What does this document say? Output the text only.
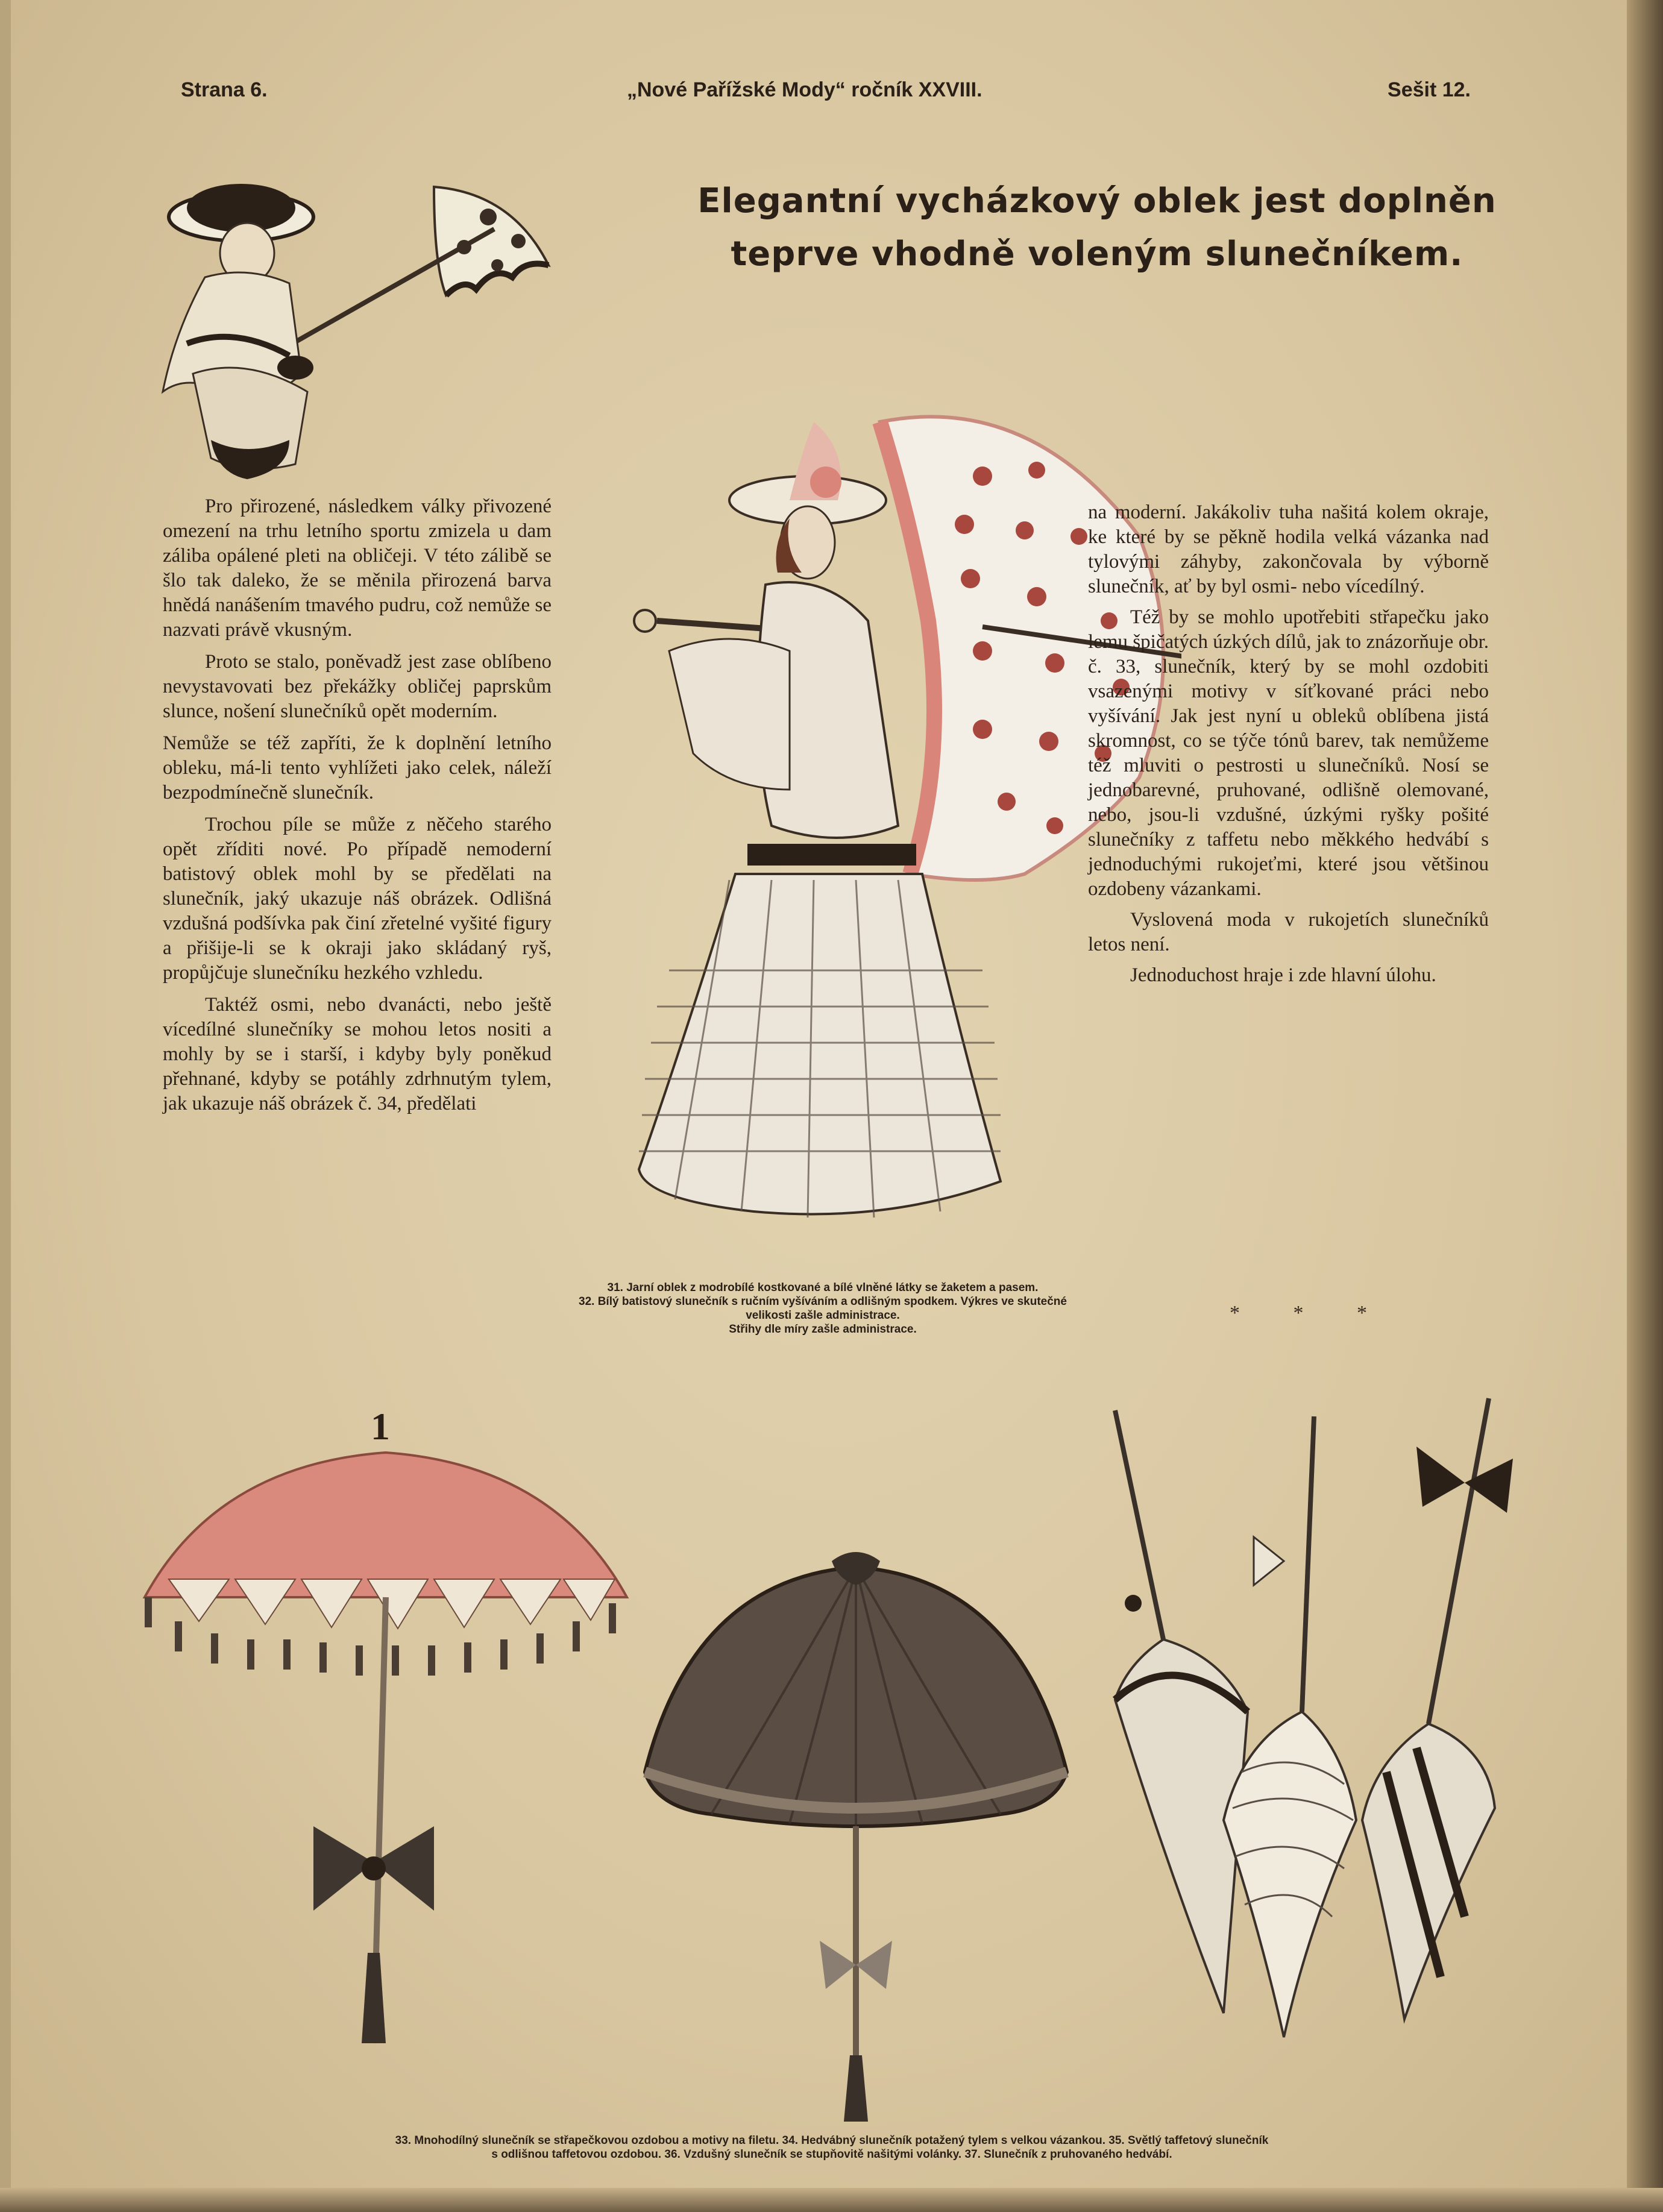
Strana 6.	„Nové Pařížské Mody“ ročník XXVIII.	Sešit 12.
Elegantní vycházkový oblek jest doplněn
teprve vhodně voleným slunečníkem.

Pro přirozené, následkem války přivozené omezení na trhu letního sportu zmizela u dam záliba opálené pleti na obličeji. V této zálibě se šlo tak daleko, že se měnila přirozená barva hnědá nanášením tmavého pudru, což nemůže se nazvati právě vkusným.

Proto se stalo, poněvadž jest zase oblíbeno nevystavovati bez překážky obličej paprskům slunce, nošení slunečníků opět moderním.

Nemůže se též zapříti, že k doplnění letního obleku, má-li tento vyhlížeti jako celek, náleží bezpodmínečně slunečník.

Trochou píle se může z něčeho starého opět zříditi nové. Po případě nemoderní batistový oblek mohl by se předělati na slunečník, jaký ukazuje náš obrázek. Odlišná vzdušná podšívka pak činí zřetelné vyšité figury a přišije-li se k okraji jako skládaný ryš, propůjčuje slunečníku hezkého vzhledu.

Taktéž osmi, nebo dvanácti, nebo ještě vícedílné slunečníky se mohou letos nositi a mohly by se i starší, i kdyby byly poněkud přehnané, kdyby se potáhly zdrhnutým tylem, jak ukazuje náš obrázek č. 34, předělati

na moderní. Jakákoliv tuha našitá kolem okraje, ke které by se pěkně hodila velká vázanka nad tylovými záhyby, zakončovala by výborně slunečník, ať by byl osmi- nebo vícedílný.

Též by se mohlo upotřebiti střapečku jako lemu špičatých úzkých dílů, jak to znázorňuje obr. č. 33, slunečník, který by se mohl ozdobiti vsazenými motivy v síťkované práci nebo vyšívání. Jak jest nyní u obleků oblíbena jistá skromnost, co se týče tónů barev, tak nemůžeme též mluviti o pestrosti u slunečníků. Nosí se jednobarevné, pruhované, odlišně olemované, nebo, jsou-li vzdušné, úzkými ryšky pošité slunečníky z taffetu nebo měkkého hedvábí s jednoduchými rukojeťmi, které jsou většinou ozdobeny vázankami.

Vyslovená moda v rukojetích slunečníků letos není.

Jednoduchost hraje i zde hlavní úlohu.

* * *
31. Jarní oblek z modrobílé kostkované a bílé vlněné látky se žaketem a pasem.
32. Bílý batistový slunečník s ručním vyšíváním a odlišným spodkem. Výkres ve skutečné velikosti zašle administrace.
Střihy dle míry zašle administrace.
1
33. Mnohodílný slunečník se střapečkovou ozdobou a motivy na filetu. 34. Hedvábný slunečník potažený tylem s velkou vázankou. 35. Světlý taffetový slunečník
s odlišnou taffetovou ozdobou. 36. Vzdušný slunečník se stupňovitě našitými volánky. 37. Slunečník z pruhovaného hedvábí.
